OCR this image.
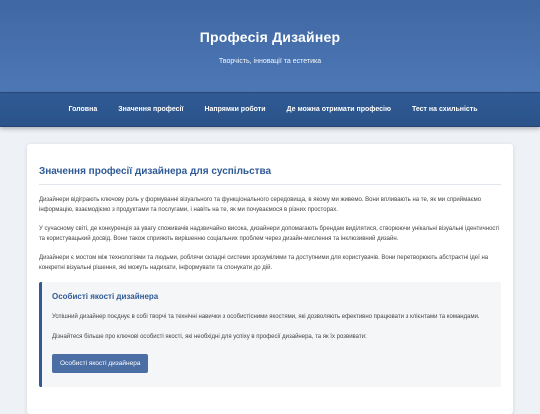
Професія Дизайнер
Творчість, інновації та естетика
Головна	Значення професії	Напрямки роботи	Де можна отримати професію	Тест на схильність
Значення професії дизайнера для суспільства

Дизайнери відіграють ключову роль у формуванні візуального та функціонального середовища, в якому ми живемо. Вони впливають на те, як ми сприймаємо інформацію, взаємодіємо з продуктами та послугами, і навіть на те, як ми почуваємося в різних просторах.

У сучасному світі, де конкуренція за увагу споживачів надзвичайно висока, дизайнери допомагають брендам виділятися, створюючи унікальні візуальні ідентичності та користувацький досвід. Вони також сприяють вирішенню соціальних проблем через дизайн-мислення та інклюзивний дизайн.

Дизайнери є мостом між технологіями та людьми, роблячи складні системи зрозумілими та доступними для користувачів. Вони перетворюють абстрактні ідеї на конкретні візуальні рішення, які можуть надихати, інформувати та спонукати до дій.

Особисті якості дизайнера

Успішний дизайнер поєднує в собі творчі та технічні навички з особистісними якостями, які дозволяють ефективно працювати з клієнтами та командами.

Дізнайтеся більше про ключові особисті якості, які необхідні для успіху в професії дизайнера, та як їх розвивати:

Особисті якості дизайнера
